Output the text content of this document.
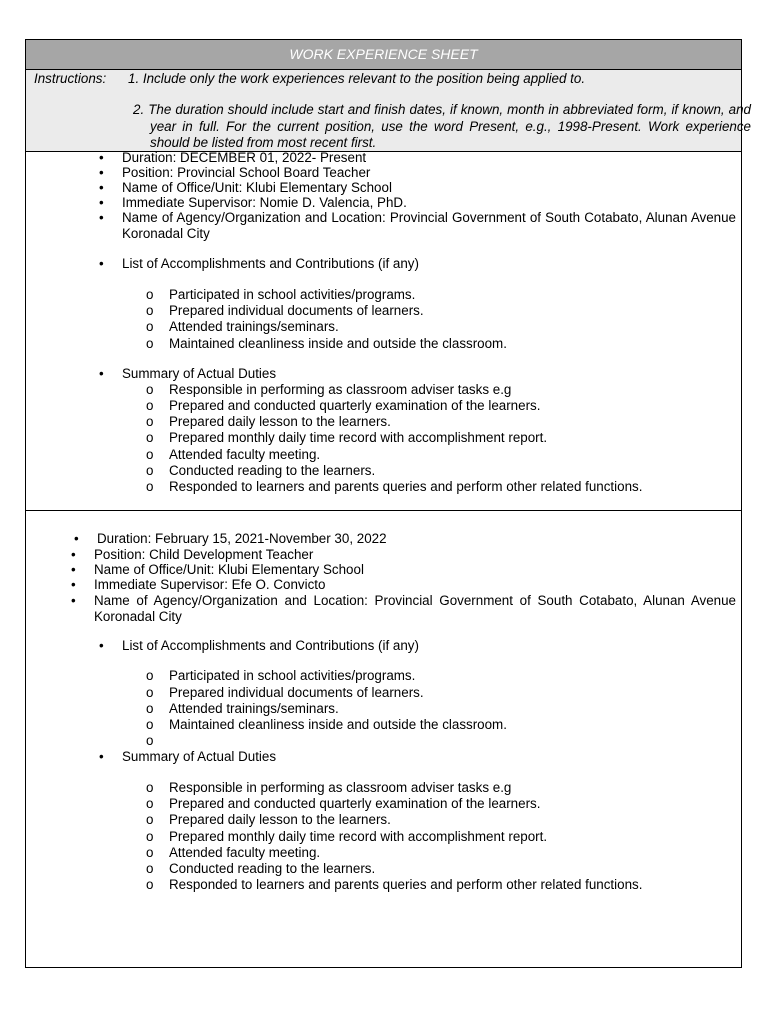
WORK EXPERIENCE SHEET
Instructions: 1. Include only the work experiences relevant to the position being applied to.
2. The duration should include start and finish dates, if known, month in abbreviated form, if known, and year in full. For the current position, use the word Present, e.g., 1998-Present. Work experience should be listed from most recent first.
• Duration: DECEMBER 01, 2022- Present
• Position: Provincial School Board Teacher
• Name of Office/Unit: Klubi Elementary School
• Immediate Supervisor: Nomie D. Valencia, PhD.
• Name of Agency/Organization and Location: Provincial Government of South Cotabato, Alunan Avenue Koronadal City
• List of Accomplishments and Contributions (if any)
o Participated in school activities/programs.
o Prepared individual documents of learners.
o Attended trainings/seminars.
o Maintained cleanliness inside and outside the classroom.
• Summary of Actual Duties
o Responsible in performing as classroom adviser tasks e.g
o Prepared and conducted quarterly examination of the learners.
o Prepared daily lesson to the learners.
o Prepared monthly daily time record with accomplishment report.
o Attended faculty meeting.
o Conducted reading to the learners.
o Responded to learners and parents queries and perform other related functions.
• Duration: February 15, 2021-November 30, 2022
• Position: Child Development Teacher
• Name of Office/Unit: Klubi Elementary School
• Immediate Supervisor: Efe O. Convicto
• Name of Agency/Organization and Location: Provincial Government of South Cotabato, Alunan Avenue Koronadal City
• List of Accomplishments and Contributions (if any)
o Participated in school activities/programs.
o Prepared individual documents of learners.
o Attended trainings/seminars.
o Maintained cleanliness inside and outside the classroom.
• Summary of Actual Duties
o Responsible in performing as classroom adviser tasks e.g
o Prepared and conducted quarterly examination of the learners.
o Prepared daily lesson to the learners.
o Prepared monthly daily time record with accomplishment report.
o Attended faculty meeting.
o Conducted reading to the learners.
o Responded to learners and parents queries and perform other related functions.
